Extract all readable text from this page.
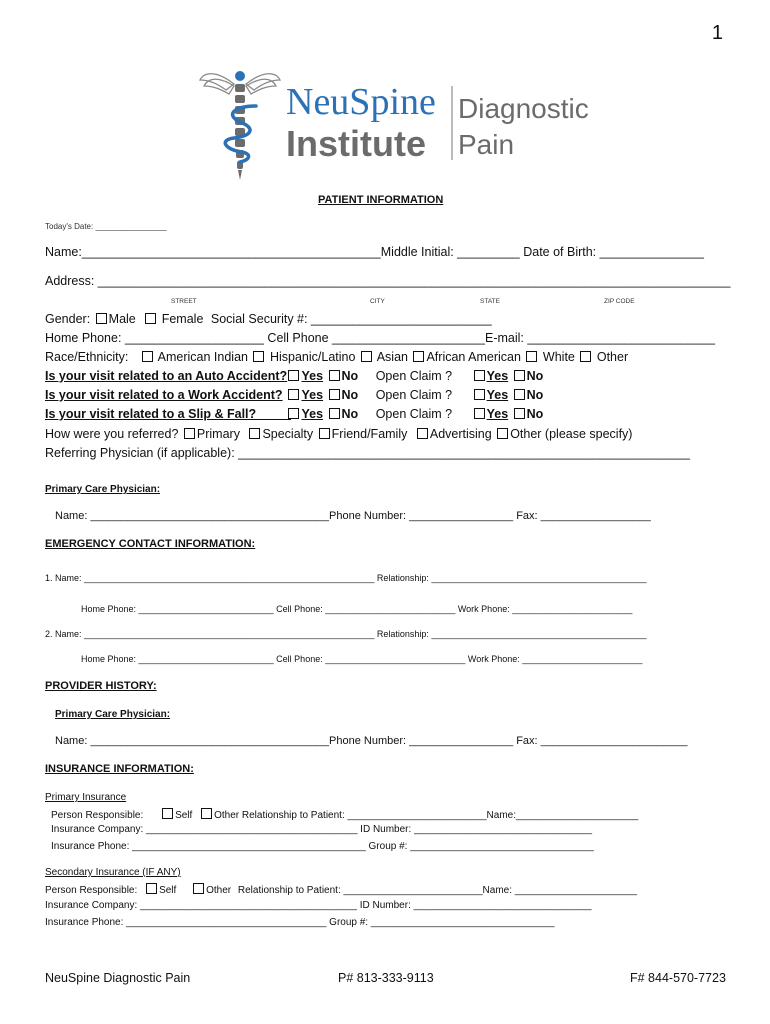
1
NeuSpine
Institute
Diagnostic
Pain
PATIENT INFORMATION
Today's Date: ________________
Name:___________________________________________Middle Initial: _________ Date of Birth: _______________
Address: ___________________________________________________________________________________________
STREET	CITY	STATE	ZIP CODE
Gender: Male Female Social Security #: __________________________
Home Phone: ____________________ Cell Phone ______________________E-mail: ___________________________
Race/Ethnicity: American Indian Hispanic/Latino Asian African American White Other
Is your visit related to an Auto Accident? Yes No Open Claim ?	Yes No
Is your visit related to a Work Accident? Yes No Open Claim ?	Yes No
Is your visit related to a Slip & Fall?_____ Yes No Open Claim ?	Yes No
How were you referred? Primary Specialty Friend/Family Advertising Other (please specify)
Referring Physician (if applicable): _________________________________________________________________
Primary Care Physician:
Name: _______________________________________Phone Number: _________________ Fax: __________________
EMERGENCY CONTACT INFORMATION:
1. Name: __________________________________________________________ Relationship: ___________________________________________
Home Phone: ___________________________ Cell Phone: __________________________ Work Phone: ________________________
2. Name: __________________________________________________________ Relationship: ___________________________________________
Home Phone: ___________________________ Cell Phone: ____________________________ Work Phone: ________________________
PROVIDER HISTORY:
Primary Care Physician:
Name: _______________________________________Phone Number: _________________ Fax: ________________________
INSURANCE INFORMATION:
Primary Insurance
Person Responsible:	Self Other Relationship to Patient: _________________________Name:______________________
Insurance Company: ______________________________________ ID Number: ________________________________
Insurance Phone: __________________________________________ Group #: _________________________________
Secondary Insurance (IF ANY)
Person Responsible: Self	Other Relationship to Patient: _________________________Name: ______________________
Insurance Company: _______________________________________ ID Number: ________________________________
Insurance Phone: ____________________________________ Group #: _________________________________
NeuSpine Diagnostic Pain	P# 813-333-9113	F# 844-570-7723
